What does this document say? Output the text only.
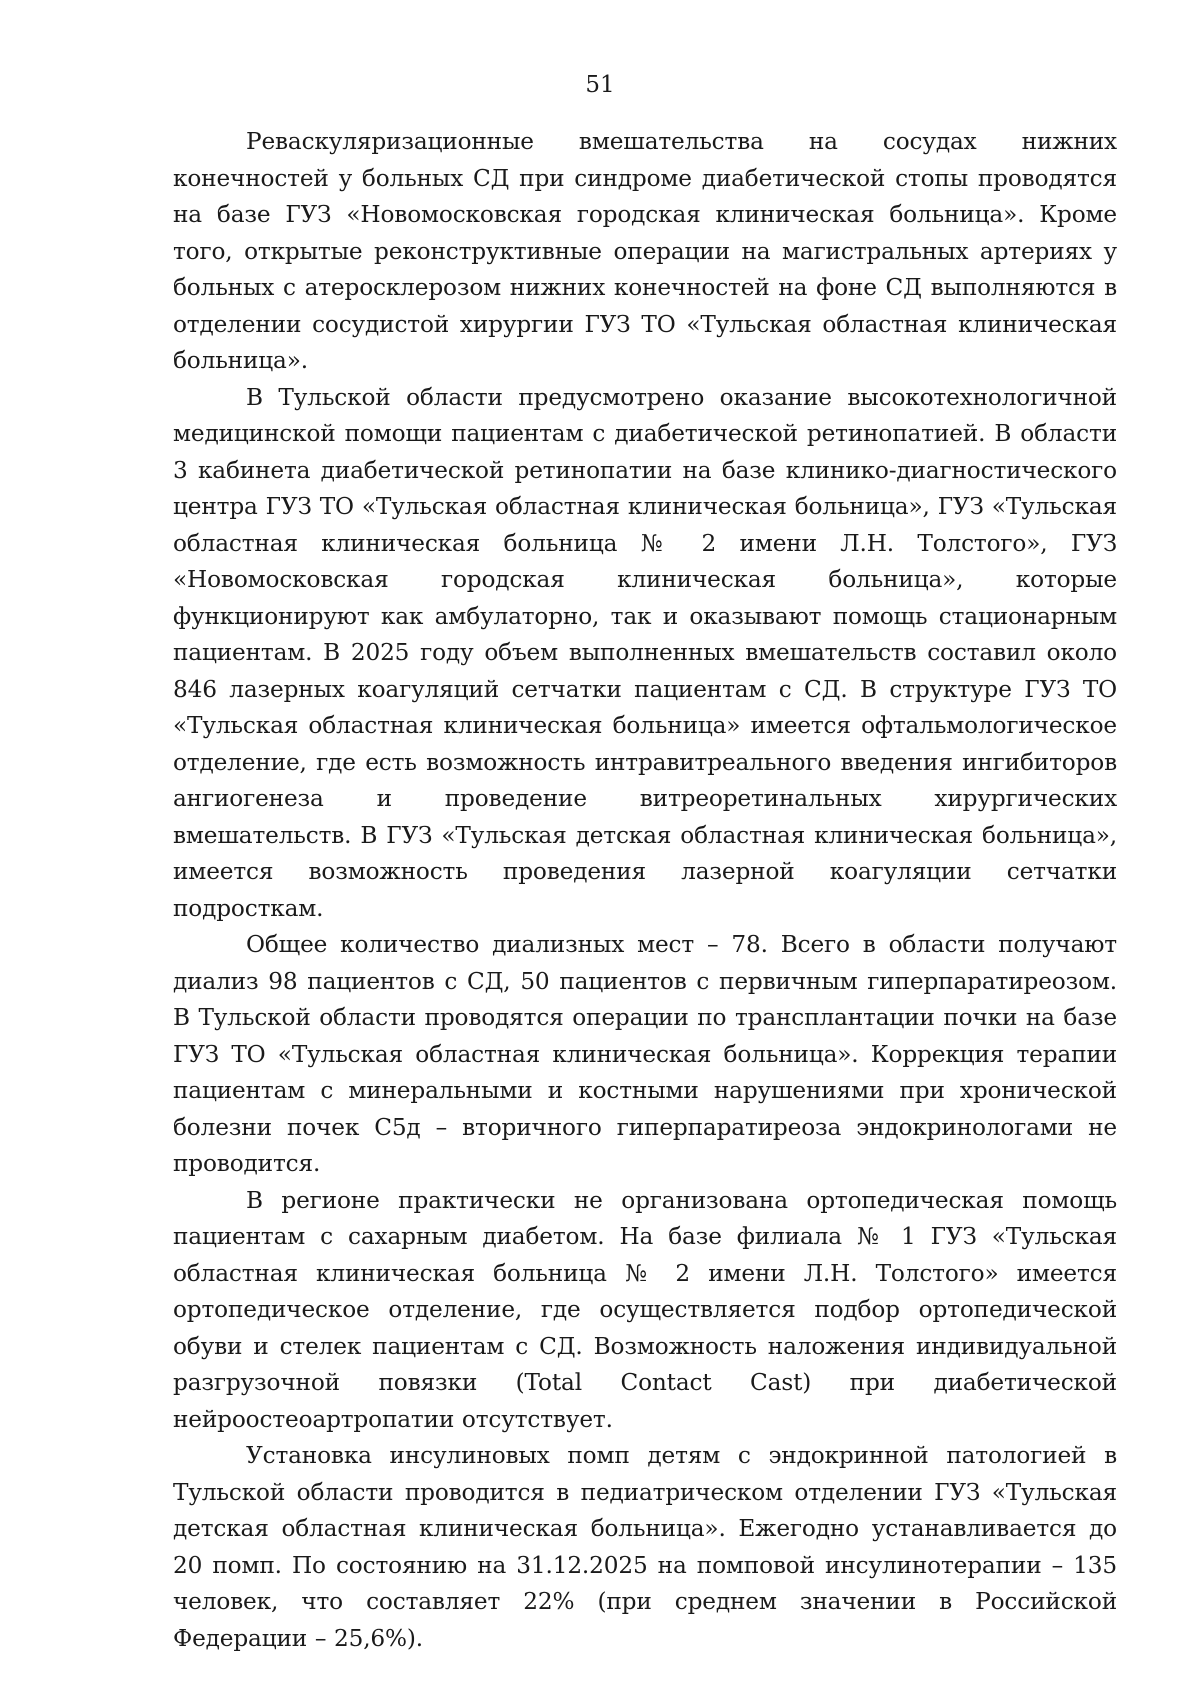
51

Реваскуляризационные вмешательства на сосудах нижних конечностей у больных СД при синдроме диабетической стопы проводятся на базе ГУЗ «Новомосковская городская клиническая больница». Кроме того, открытые реконструктивные операции на магистральных артериях у больных с атеросклерозом нижних конечностей на фоне СД выполняются в отделении сосудистой хирургии ГУЗ ТО «Тульская областная клиническая больница».

В Тульской области предусмотрено оказание высокотехнологичной медицинской помощи пациентам с диабетической ретинопатией. В области 3 кабинета диабетической ретинопатии на базе клинико-диагностического центра ГУЗ ТО «Тульская областная клиническая больница», ГУЗ «Тульская областная клиническая больница № 2 имени Л.Н. Толстого», ГУЗ «Новомосковская городская клиническая больница», которые функционируют как амбулаторно, так и оказывают помощь стационарным пациентам. В 2025 году объем выполненных вмешательств составил около 846 лазерных коагуляций сетчатки пациентам с СД. В структуре ГУЗ ТО «Тульская областная клиническая больница» имеется офтальмологическое отделение, где есть возможность интравитреального введения ингибиторов ангиогенеза и проведение витреоретинальных хирургических вмешательств. В ГУЗ «Тульская детская областная клиническая больница», имеется возможность проведения лазерной коагуляции сетчатки подросткам.

Общее количество диализных мест – 78. Всего в области получают диализ 98 пациентов с СД, 50 пациентов с первичным гиперпаратиреозом. В Тульской области проводятся операции по трансплантации почки на базе ГУЗ ТО «Тульская областная клиническая больница». Коррекция терапии пациентам с минеральными и костными нарушениями при хронической болезни почек С5д – вторичного гиперпаратиреоза эндокринологами не проводится.

В регионе практически не организована ортопедическая помощь пациентам с сахарным диабетом. На базе филиала № 1 ГУЗ «Тульская областная клиническая больница № 2 имени Л.Н. Толстого» имеется ортопедическое отделение, где осуществляется подбор ортопедической обуви и стелек пациентам с СД. Возможность наложения индивидуальной разгрузочной повязки (Total Contact Cast) при диабетической нейроостеоартропатии отсутствует.

Установка инсулиновых помп детям с эндокринной патологией в Тульской области проводится в педиатрическом отделении ГУЗ «Тульская детская областная клиническая больница». Ежегодно устанавливается до 20 помп. По состоянию на 31.12.2025 на помповой инсулинотерапии – 135 человек, что составляет 22% (при среднем значении в Российской Федерации – 25,6%).
